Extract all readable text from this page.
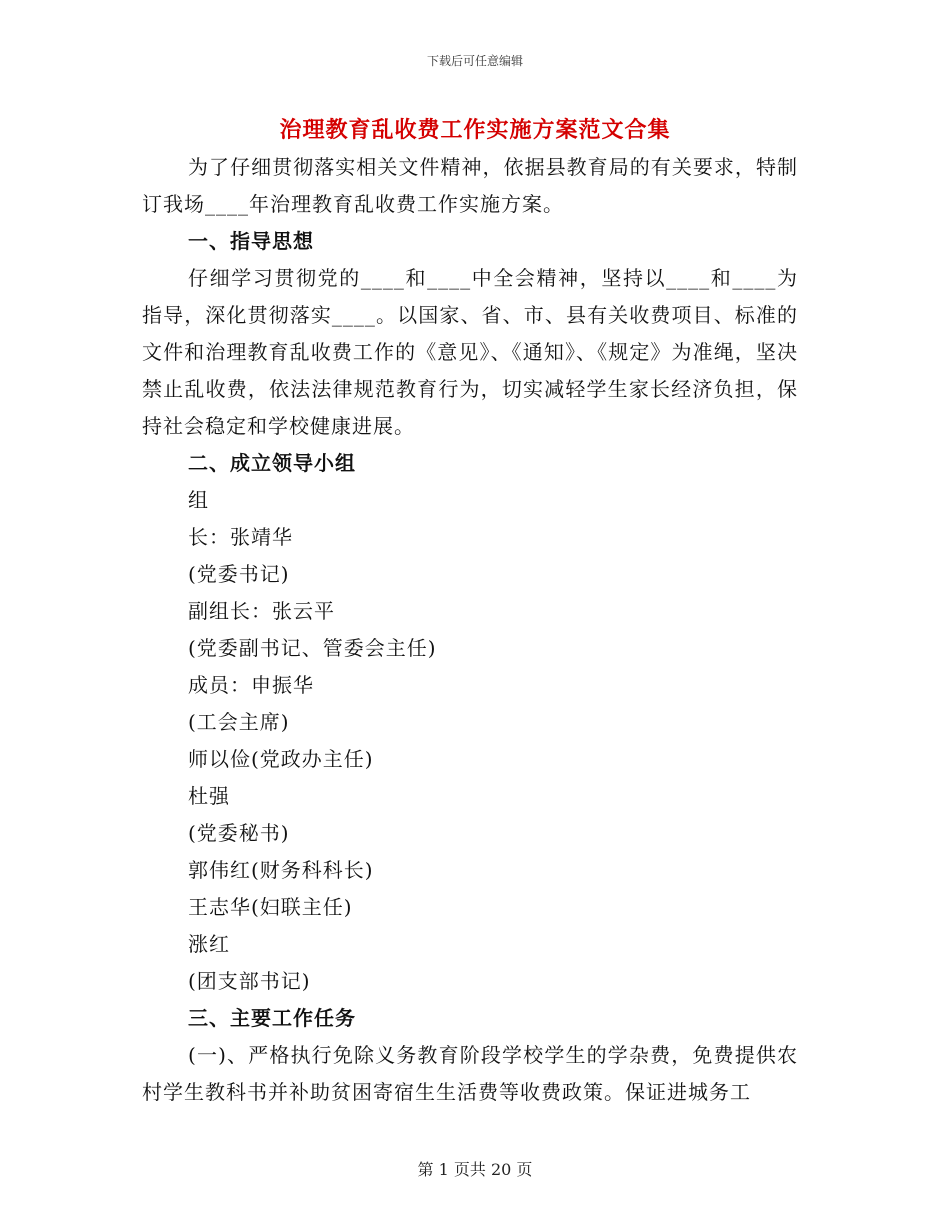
下载后可任意编辑
治理教育乱收费工作实施方案范文合集

为了仔细贯彻落实相关文件精神，依据县教育局的有关要求，特制订我场____年治理教育乱收费工作实施方案。

一、指导思想

仔细学习贯彻党的____和____中全会精神，坚持以____和____为指导，深化贯彻落实____。以国家、省、市、县有关收费项目、标准的文件和治理教育乱收费工作的《意见》、《通知》、《规定》为准绳，坚决禁止乱收费，依法法律规范教育行为，切实减轻学生家长经济负担，保持社会稳定和学校健康进展。

二、成立领导小组

组

长：张靖华

(党委书记)

副组长：张云平

(党委副书记、管委会主任)

成员：申振华

(工会主席)

师以俭(党政办主任)

杜强

(党委秘书)

郭伟红(财务科科长)

王志华(妇联主任)

涨红

(团支部书记)

三、主要工作任务

(一)、严格执行免除义务教育阶段学校学生的学杂费，免费提供农村学生教科书并补助贫困寄宿生生活费等收费政策。保证进城务工

第 1 页共 20 页
